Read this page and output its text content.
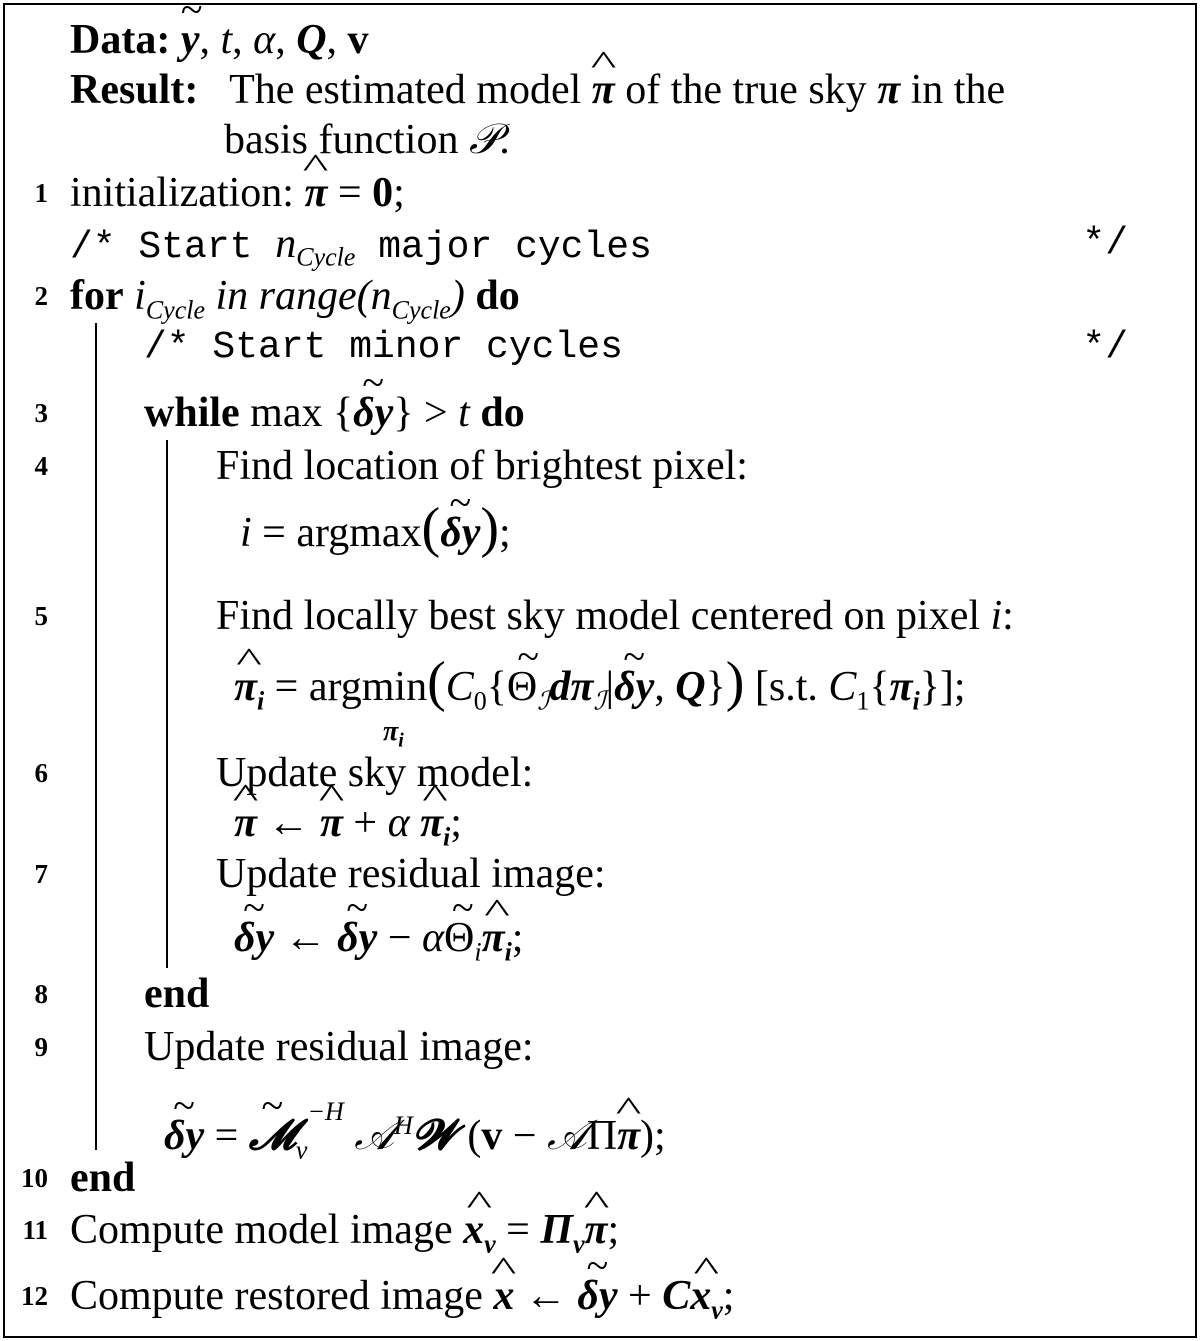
Data: ~ y, t, α, Q, v
Result:   The estimated model ^ π of the true sky π in the
basis function 𝒫.
1 initialization: ^ π = 0;
/* Start $n_{Cycle}$ major cycles	*/
2 for $i_{Cycle}$ in $range(n_{Cycle})$ do
/* Start minor cycles	*/
3 while max {~ δy} > t do
4	Find location of brightest pixel:
i = argmax(~ δy);
5	Find locally best sky model centered on pixel i:
^ $\pi_i$ = $argmin(C_0\{\sim$ $\Theta_ℐd\pi_ℐ|\sim$ δy, Q}) [s.t. $C_1\{\pi_i\}$];
$\pi_i$
6	Update sky model:
^ π ← ^ π + α ^ $\pi_i$;
7	Update residual image:
~ δy ← ~ δy − α~ $\Theta_i\^{}$ $\pi_i$;
8 end
9 Update residual image:
~ δy = ~ 𝓜$_\nu^{-H}$ 𝒜$^H$𝓦 (v − 𝒜Π^ π);
10 end
11 Compute model image ^ $x_\nu$ = $\Pi_\nu\^{}$ π;
12 Compute restored image ^ x ← ~ δy + C^ $x_\nu$;
